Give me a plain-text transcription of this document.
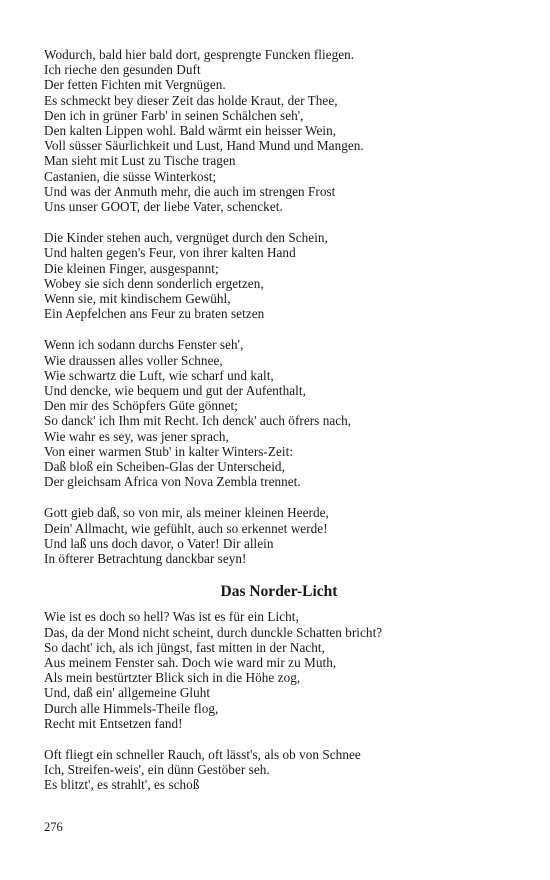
Wodurch, bald hier bald dort, gesprengte Funcken fliegen.
Ich rieche den gesunden Duft
Der fetten Fichten mit Vergnügen.
Es schmeckt bey dieser Zeit das holde Kraut, der Thee,
Den ich in grüner Farb' in seinen Schälchen seh',
Den kalten Lippen wohl. Bald wärmt ein heisser Wein,
Voll süsser Säurlichkeit und Lust, Hand Mund und Mangen.
Man sieht mit Lust zu Tische tragen
Castanien, die süsse Winterkost;
Und was der Anmuth mehr, die auch im strengen Frost
Uns unser GOOT, der liebe Vater, schencket.
Die Kinder stehen auch, vergnüget durch den Schein,
Und halten gegen's Feur, von ihrer kalten Hand
Die kleinen Finger, ausgespannt;
Wobey sie sich denn sonderlich ergetzen,
Wenn sie, mit kindischem Gewühl,
Ein Aepfelchen ans Feur zu braten setzen
Wenn ich sodann durchs Fenster seh',
Wie draussen alles voller Schnee,
Wie schwartz die Luft, wie scharf und kalt,
Und dencke, wie bequem und gut der Aufenthalt,
Den mir des Schöpfers Güte gönnet;
So danck' ich Ihm mit Recht. Ich denck' auch öfrers nach,
Wie wahr es sey, was jener sprach,
Von einer warmen Stub' in kalter Winters-Zeit:
Daß bloß ein Scheiben-Glas der Unterscheid,
Der gleichsam Africa von Nova Zembla trennet.
Gott gieb daß, so von mir, als meiner kleinen Heerde,
Dein' Allmacht, wie gefühlt, auch so erkennet werde!
Und laß uns doch davor, o Vater! Dir allein
In öfterer Betrachtung danckbar seyn!
Das Norder-Licht
Wie ist es doch so hell? Was ist es für ein Licht,
Das, da der Mond nicht scheint, durch dunckle Schatten bricht?
So dacht' ich, als ich jüngst, fast mitten in der Nacht,
Aus meinem Fenster sah. Doch wie ward mir zu Muth,
Als mein bestürtzter Blick sich in die Höhe zog,
Und, daß ein' allgemeine Gluht
Durch alle Himmels-Theile flog,
Recht mit Entsetzen fand!
Oft fliegt ein schneller Rauch, oft lässt's, als ob von Schnee
Ich, Streifen-weis', ein dünn Gestöber seh.
Es blitzt', es strahlt', es schoß
276
